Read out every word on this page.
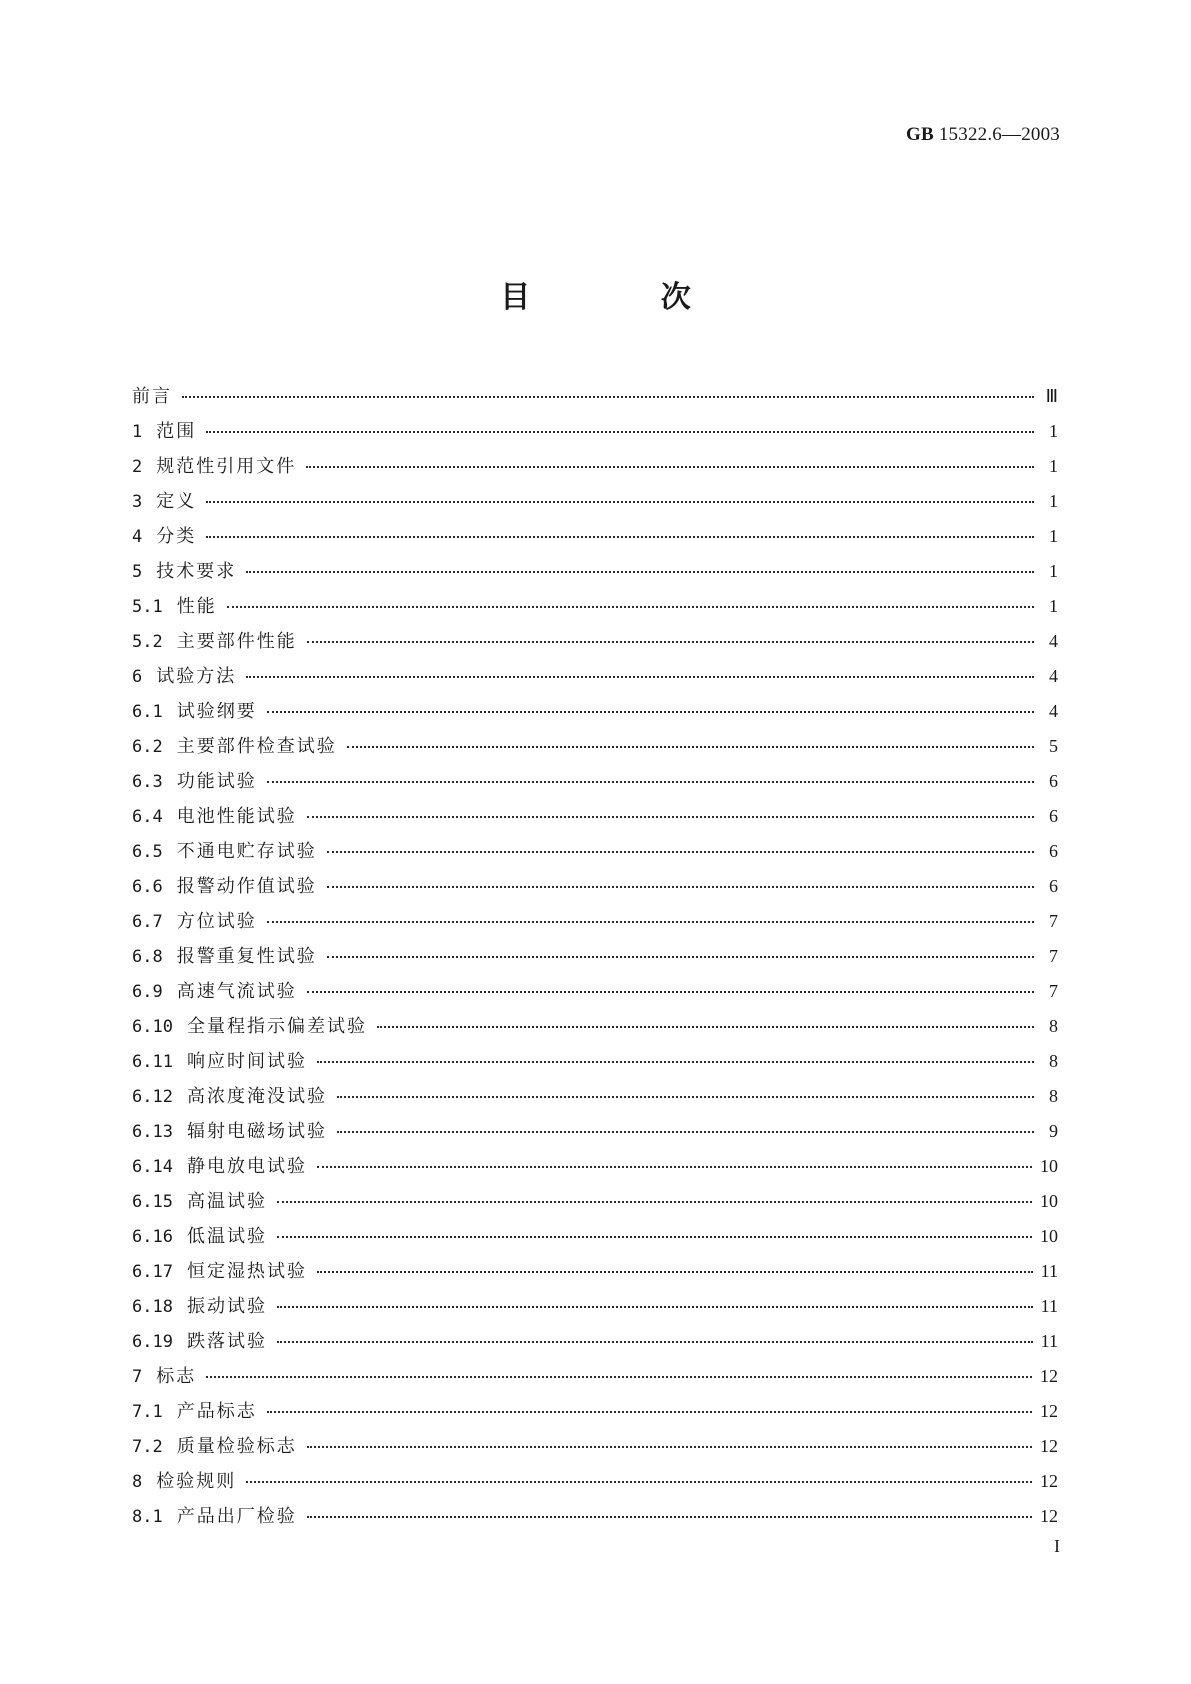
GB 15322.6—2003
目 次
前言	Ⅲ
1 范围	1
2 规范性引用文件	1
3 定义	1
4 分类	1
5 技术要求	1
5.1 性能	1
5.2 主要部件性能	4
6 试验方法	4
6.1 试验纲要	4
6.2 主要部件检查试验	5
6.3 功能试验	6
6.4 电池性能试验	6
6.5 不通电贮存试验	6
6.6 报警动作值试验	6
6.7 方位试验	7
6.8 报警重复性试验	7
6.9 高速气流试验	7
6.10 全量程指示偏差试验	8
6.11 响应时间试验	8
6.12 高浓度淹没试验	8
6.13 辐射电磁场试验	9
6.14 静电放电试验	10
6.15 高温试验	10
6.16 低温试验	10
6.17 恒定湿热试验	11
6.18 振动试验	11
6.19 跌落试验	11
7 标志	12
7.1 产品标志	12
7.2 质量检验标志	12
8 检验规则	12
8.1 产品出厂检验	12
I
